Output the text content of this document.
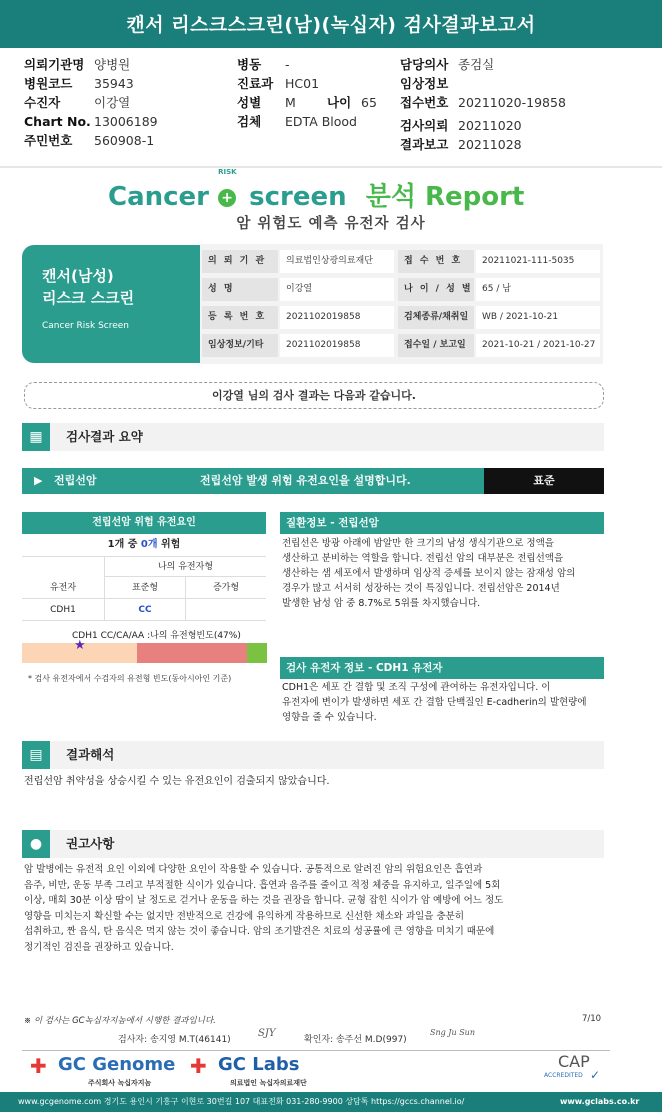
캔서 리스크스크린(남)(녹십자) 검사결과보고서
의뢰기관명 양병원
병원코드 35943
수진자	이강열
Chart No. 13006189
주민번호 560908-1
병동 -
진료과 HC01
성별 M 나이 65
검체 EDTA Blood
담당의사 종검실
임상정보
접수번호 20211020-19858
검사의뢰 20211020
결과보고 20211028
Cancer
RISK
+ screen 분석 Report
암 위험도 예측 유전자 검사
캔서(남성)
리스크 스크린
Cancer Risk Screen
의 뢰 기 관	의료법인상광의료재단	접 수 번 호	20211021-111-5035
성 명	이강열	나 이 / 성 별	65 / 남
등 록 번 호	2021102019858	검체종류/채취일	WB / 2021-10-21
임상정보/기타	2021102019858	접수일 / 보고일	2021-10-21 / 2021-10-27
이강열 님의 검사 결과는 다음과 같습니다.
▦	검사결과 요약
▶ 전립선암	전립선암 발생 위험 유전요인을 설명합니다.	표준
전립선암 위험 유전요인
1개 중 0개 위험
나의 유전자형
유전자	표준형	증가형
CDH1	CC
CDH1 CC/CA/AA :나의 유전형빈도(47%)
★
* 검사 유전자에서 수검자의 유전형 빈도(동아시아인 기준)
질환정보 - 전립선암
전립선은 방광 아래에 밤알만 한 크기의 남성 생식기관으로 정액을
생산하고 분비하는 역할을 합니다. 전립선 암의 대부분은 전립선액을
생산하는 샘 세포에서 발생하며 임상적 증세를 보이지 않는 잠재성 암의
경우가 많고 서서히 성장하는 것이 특징입니다. 전립선암은 2014년
발생한 남성 암 중 8.7%로 5위를 차지했습니다.
검사 유전자 정보 - CDH1 유전자
CDH1은 세포 간 결합 및 조직 구성에 관여하는 유전자입니다. 이
유전자에 변이가 발생하면 세포 간 결합 단백질인 E-cadherin의 발현량에
영향을 줄 수 있습니다.
▤	결과해석
전립선암 취약성을 상승시킬 수 있는 유전요인이 검출되지 않았습니다.
●	권고사항
암 발병에는 유전적 요인 이외에 다양한 요인이 작용할 수 있습니다. 공통적으로 알려진 암의 위험요인은 흡연과
음주, 비만, 운동 부족 그리고 부적절한 식이가 있습니다. 흡연과 음주를 줄이고 적정 체중을 유지하고, 일주일에 5회
이상, 매회 30분 이상 땀이 날 정도로 걷거나 운동을 하는 것을 권장을 합니다. 균형 잡힌 식이가 암 예방에 어느 정도
영향을 미치는지 확신할 수는 없지만 전반적으로 건강에 유익하게 작용하므로 신선한 채소와 과일을 충분히
섭취하고, 짠 음식, 탄 음식은 먹지 않는 것이 좋습니다. 암의 조기발견은 치료의 성공률에 큰 영향을 미치기 때문에
정기적인 검진을 권장하고 있습니다.
※ 이 검사는 GC녹십자지놈에서 시행한 결과입니다.	7/10
검사자: 송지영 M.T(46141)
SJY
확인자: 송주선 M.D(997)
Sng Ju Sun
✚ GC Genome
주식회사 녹십자지놈
✚ GC Labs
의료법인 녹십자의료재단
CAP
ACCREDITED ✓
www.gcgenome.com 경기도 용인시 기흥구 이현로 30번길 107 대표전화 031-280-9900 상담톡 https://gccs.channel.io/	www.gclabs.co.kr
